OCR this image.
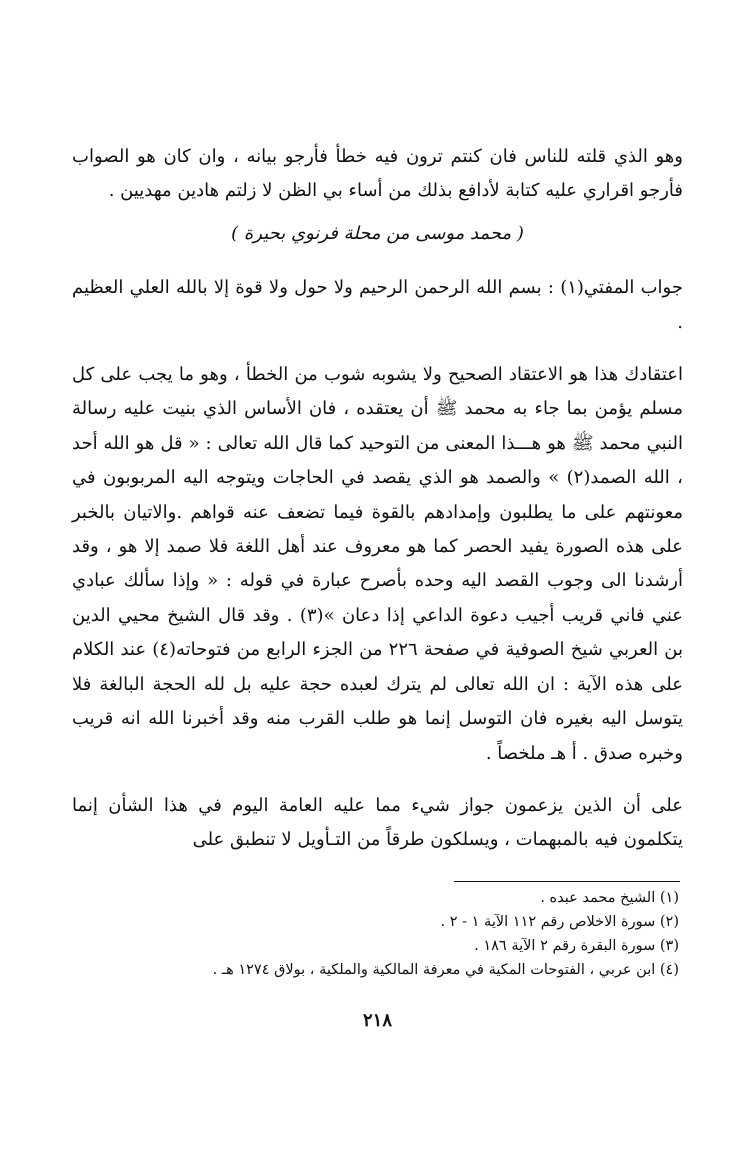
وهو الذي قلته للناس فان كنتم ترون فيه خطأ فأرجو بيانه ، وان كان هو الصواب فأرجو اقراري عليه كتابة لأدافع بذلك من أساء بي الظن لا زلتم هادين مهديين .

( محمد موسى من محلة فرنوي بحيرة )

جواب المفتي(١) : بسم الله الرحمن الرحيم ولا حول ولا قوة إلا بالله العلي العظيم .

اعتقادك هذا هو الاعتقاد الصحيح ولا يشوبه شوب من الخطأ ، وهو ما يجب على كل مسلم يؤمن بما جاء به محمد ﷺ أن يعتقده ، فان الأساس الذي بنيت عليه رسالة النبي محمد ﷺ هو هـــذا المعنى من التوحيد كما قال الله تعالى : « قل هو الله أحد ، الله الصمد(٢) » والصمد هو الذي يقصد في الحاجات ويتوجه اليه المربوبون في معونتهم على ما يطلبون وإمدادهم بالقوة فيما تضعف عنه قواهم .والاتيان بالخبر على هذه الصورة يفيد الحصر كما هو معروف عند أهل اللغة فلا صمد إلا هو ، وقد أرشدنا الى وجوب القصد اليه وحده بأصرح عبارة في قوله : « وإذا سألك عبادي عني فاني قريب أجيب دعوة الداعي إذا دعان »(٣) . وقد قال الشيخ محيي الدين بن العربي شيخ الصوفية في صفحة ٢٢٦ من الجزء الرابع من فتوحاته(٤) عند الكلام على هذه الآية : ان الله تعالى لم يترك لعبده حجة عليه بل لله الحجة البالغة فلا يتوسل اليه بغيره فان التوسل إنما هو طلب القرب منه وقد أخبرنا الله انه قريب وخبره صدق . أ هـ ملخصاً .

على أن الذين يزعمون جواز شيء مما عليه العامة اليوم في هذا الشأن إنما يتكلمون فيه بالمبهمات ، ويسلكون طرقاً من التـأويل لا تنطبق على

(١) الشيخ محمد عبده .

(٢) سورة الاخلاص رقم ١١٢ الآية ١ - ٢ .

(٣) سورة البقرة رقم ٢ الآية ١٨٦ .

(٤) ابن عربي ، الفتوحات المكية في معرفة المالكية والملكية ، بولاق ١٢٧٤ هـ .

٢١٨
